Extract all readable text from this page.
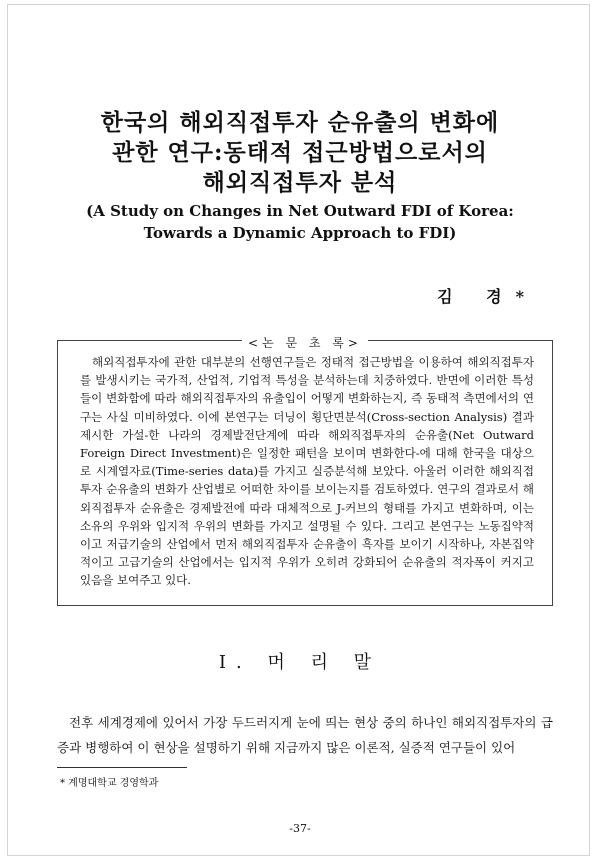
한국의 해외직접투자 순유출의 변화에
관한 연구:동태적 접근방법으로서의
해외직접투자 분석
(A Study on Changes in Net Outward FDI of Korea:
Towards a Dynamic Approach to FDI)
김 경*
<논 문 초 록>

해외직접투자에 관한 대부분의 선행연구들은 정태적 접근방법을 이용하여 해외직접투자를 발생시키는 국가적, 산업적, 기업적 특성을 분석하는데 치중하였다. 반면에 이러한 특성들이 변화함에 따라 해외직접투자의 유출입이 어떻게 변화하는지, 즉 동태적 측면에서의 연구는 사실 미비하였다. 이에 본연구는 더닝이 횡단면분석(Cross-section Analysis) 결과 제시한 가설-한 나라의 경제발전단계에 따라 해외직접투자의 순유출(Net Outward Foreign Direct Investment)은 일정한 패턴을 보이며 변화한다-에 대해 한국을 대상으로 시계열자료(Time-series data)를 가지고 실증분석해 보았다. 아울러 이러한 해외직접투자 순유출의 변화가 산업별로 어떠한 차이를 보이는지를 검토하였다. 연구의 결과로서 해외직접투자 순유출은 경제발전에 따라 대체적으로 J-커브의 형태를 가지고 변화하며, 이는 소유의 우위와 입지적 우위의 변화를 가지고 설명될 수 있다. 그리고 본연구는 노동집약적이고 저급기술의 산업에서 먼저 해외직접투자 순유출이 흑자를 보이기 시작하나, 자본집약적이고 고급기술의 산업에서는 입지적 우위가 오히려 강화되어 순유출의 적자폭이 커지고 있음을 보여주고 있다.

I. 머 리 말

전후 세계경제에 있어서 가장 두드러지게 눈에 띄는 현상 중의 하나인 해외직접투자의 급증과 병행하여 이 현상을 설명하기 위해 지금까지 많은 이론적, 실증적 연구들이 있어

* 계명대학교 경영학과
-37-
